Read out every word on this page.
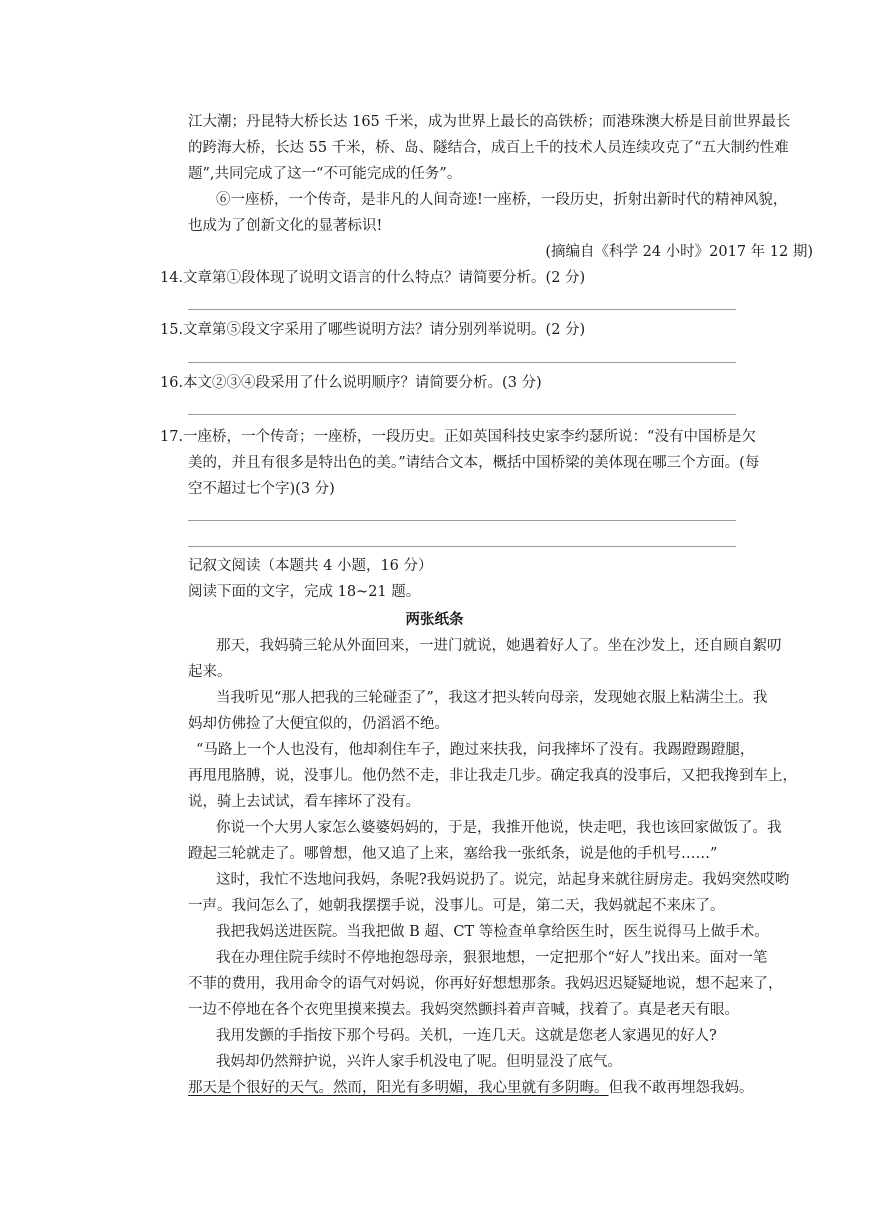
江大潮；丹昆特大桥长达 165 千米，成为世界上最长的高铁桥；而港珠澳大桥是目前世界最长
的跨海大桥，长达 55 千米，桥、岛、隧结合，成百上千的技术人员连续攻克了“五大制约性难
题”,共同完成了这一“不可能完成的任务”。
⑥一座桥，一个传奇，是非凡的人间奇迹!一座桥，一段历史，折射出新时代的精神风貌，
也成为了创新文化的显著标识!
(摘编自《科学 24 小时》2017 年 12 期)
14.文章第①段体现了说明文语言的什么特点？请简要分析。(2 分)
15.文章第⑤段文字采用了哪些说明方法？请分别列举说明。(2 分)
16.本文②③④段采用了什么说明顺序？请简要分析。(3 分)
17.一座桥，一个传奇；一座桥，一段历史。正如英国科技史家李约瑟所说：“没有中国桥是欠
美的，并且有很多是特出色的美。”请结合文本，概括中国桥梁的美体现在哪三个方面。(每
空不超过七个字)(3 分)
记叙文阅读（本题共 4 小题，16 分）
阅读下面的文字，完成 18~21 题。
两张纸条
那天，我妈骑三轮从外面回来，一进门就说，她遇着好人了。坐在沙发上，还自顾自絮叨
起来。
当我听见“那人把我的三轮碰歪了”，我这才把头转向母亲，发现她衣服上粘满尘土。我
妈却仿佛捡了大便宜似的，仍滔滔不绝。
“马路上一个人也没有，他却刹住车子，跑过来扶我，问我摔坏了没有。我踢蹬踢蹬腿，
再甩甩胳膊，说，没事儿。他仍然不走，非让我走几步。确定我真的没事后，又把我搀到车上，
说，骑上去试试，看车摔坏了没有。
你说一个大男人家怎么婆婆妈妈的，于是，我推开他说，快走吧，我也该回家做饭了。我
蹬起三轮就走了。哪曾想，他又追了上来，塞给我一张纸条，说是他的手机号……”
这时，我忙不迭地问我妈，条呢?我妈说扔了。说完，站起身来就往厨房走。我妈突然哎哟
一声。我问怎么了，她朝我摆摆手说，没事儿。可是，第二天，我妈就起不来床了。
我把我妈送进医院。当我把做 B 超、CT 等检查单拿给医生时，医生说得马上做手术。
我在办理住院手续时不停地抱怨母亲，狠狠地想，一定把那个“好人”找出来。面对一笔
不菲的费用，我用命令的语气对妈说，你再好好想想那条。我妈迟迟疑疑地说，想不起来了，
一边不停地在各个衣兜里摸来摸去。我妈突然颤抖着声音喊，找着了。真是老天有眼。
我用发颤的手指按下那个号码。关机，一连几天。这就是您老人家遇见的好人?
我妈却仍然辩护说，兴许人家手机没电了呢。但明显没了底气。
那天是个很好的天气。然而，阳光有多明媚，我心里就有多阴晦。但我不敢再埋怨我妈。
